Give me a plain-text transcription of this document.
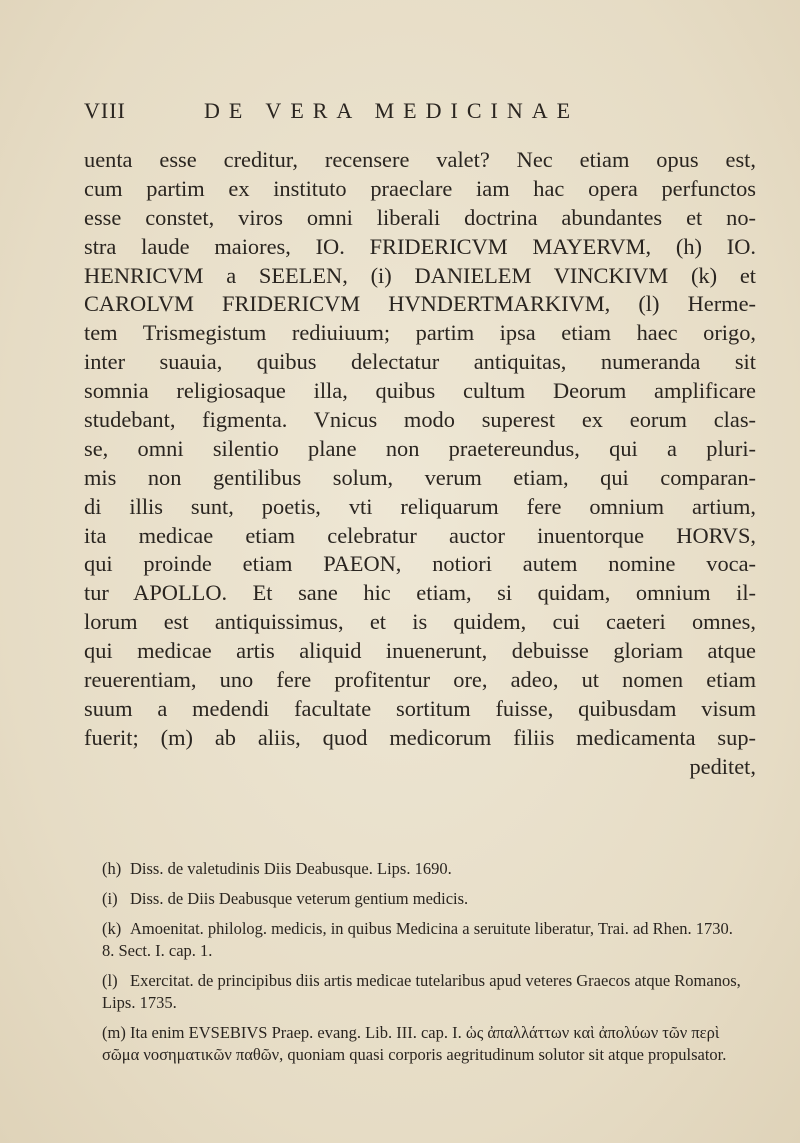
VIII	DE VERA MEDICINAE
uenta esse creditur, recensere valet? Nec etiam opus est,
cum partim ex instituto praeclare iam hac opera perfunctos
esse constet, viros omni liberali doctrina abundantes et no-
stra laude maiores, IO. FRIDERICVM MAYERVM, (h) IO.
HENRICVM a SEELEN, (i) DANIELEM VINCKIVM (k) et
CAROLVM FRIDERICVM HVNDERTMARKIVM, (l) Herme-
tem Trismegistum rediuiuum; partim ipsa etiam haec origo,
inter suauia, quibus delectatur antiquitas, numeranda sit
somnia religiosaque illa, quibus cultum Deorum amplificare
studebant, figmenta. Vnicus modo superest ex eorum clas-
se, omni silentio plane non praetereundus, qui a pluri-
mis non gentilibus solum, verum etiam, qui comparan-
di illis sunt, poetis, vti reliquarum fere omnium artium,
ita medicae etiam celebratur auctor inuentorque HORVS,
qui proinde etiam PAEON, notiori autem nomine voca-
tur APOLLO. Et sane hic etiam, si quidam, omnium il-
lorum est antiquissimus, et is quidem, cui caeteri omnes,
qui medicae artis aliquid inuenerunt, debuisse gloriam atque
reuerentiam, uno fere profitentur ore, adeo, ut nomen etiam
suum a medendi facultate sortitum fuisse, quibusdam visum
fuerit; (m) ab aliis, quod medicorum filiis medicamenta sup-
peditet,
(h) Diss. de valetudinis Diis Deabusque. Lips. 1690.
(i) Diss. de Diis Deabusque veterum gentium medicis.
(k) Amoenitat. philolog. medicis, in quibus Medicina a seruitute liberatur, Trai. ad Rhen. 1730. 8. Sect. I. cap. 1.
(l) Exercitat. de principibus diis artis medicae tutelaribus apud veteres Graecos atque Romanos, Lips. 1735.
(m) Ita enim EVSEBIVS Praep. evang. Lib. III. cap. I. ὡς ἀπαλλάττων καὶ ἀπολύων τῶν περὶ σῶμα νοσηματικῶν παθῶν, quoniam quasi corporis aegritudinum solutor sit atque propulsator.
